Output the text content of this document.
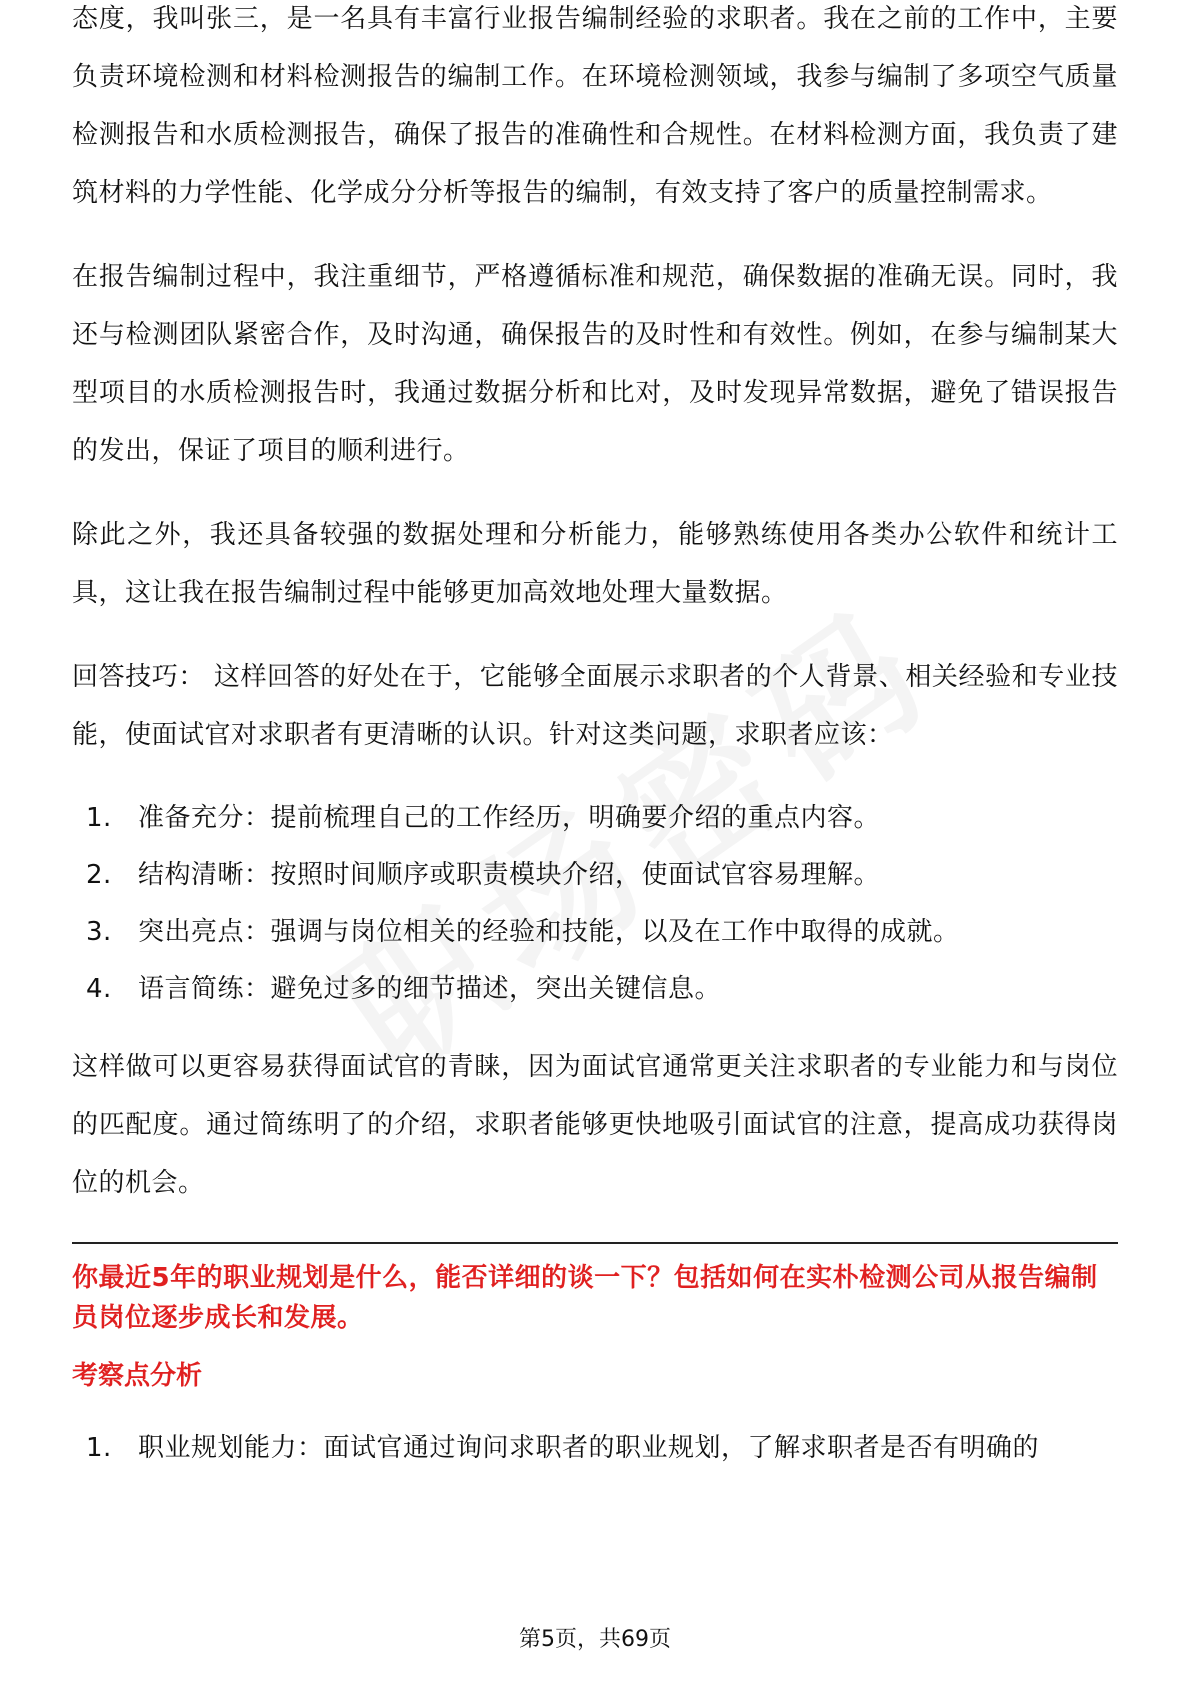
态度，我叫张三，是一名具有丰富行业报告编制经验的求职者。我在之前的工作中，主要负责环境检测和材料检测报告的编制工作。在环境检测领域，我参与编制了多项空气质量检测报告和水质检测报告，确保了报告的准确性和合规性。在材料检测方面，我负责了建筑材料的力学性能、化学成分分析等报告的编制，有效支持了客户的质量控制需求。

在报告编制过程中，我注重细节，严格遵循标准和规范，确保数据的准确无误。同时，我还与检测团队紧密合作，及时沟通，确保报告的及时性和有效性。例如，在参与编制某大型项目的水质检测报告时，我通过数据分析和比对，及时发现异常数据，避免了错误报告的发出，保证了项目的顺利进行。

除此之外，我还具备较强的数据处理和分析能力，能够熟练使用各类办公软件和统计工具，这让我在报告编制过程中能够更加高效地处理大量数据。

回答技巧： 这样回答的好处在于，它能够全面展示求职者的个人背景、相关经验和专业技能，使面试官对求职者有更清晰的认识。针对这类问题，求职者应该：

1.	准备充分：提前梳理自己的工作经历，明确要介绍的重点内容。
2.	结构清晰：按照时间顺序或职责模块介绍，使面试官容易理解。
3.	突出亮点：强调与岗位相关的经验和技能，以及在工作中取得的成就。
4.	语言简练：避免过多的细节描述，突出关键信息。

这样做可以更容易获得面试官的青睐，因为面试官通常更关注求职者的专业能力和与岗位的匹配度。通过简练明了的介绍，求职者能够更快地吸引面试官的注意，提高成功获得岗位的机会。

你最近5年的职业规划是什么，能否详细的谈一下？包括如何在实朴检测公司从报告编制员岗位逐步成长和发展。

考察点分析

1.	职业规划能力：面试官通过询问求职者的职业规划，了解求职者是否有明确的
第5页，共69页
